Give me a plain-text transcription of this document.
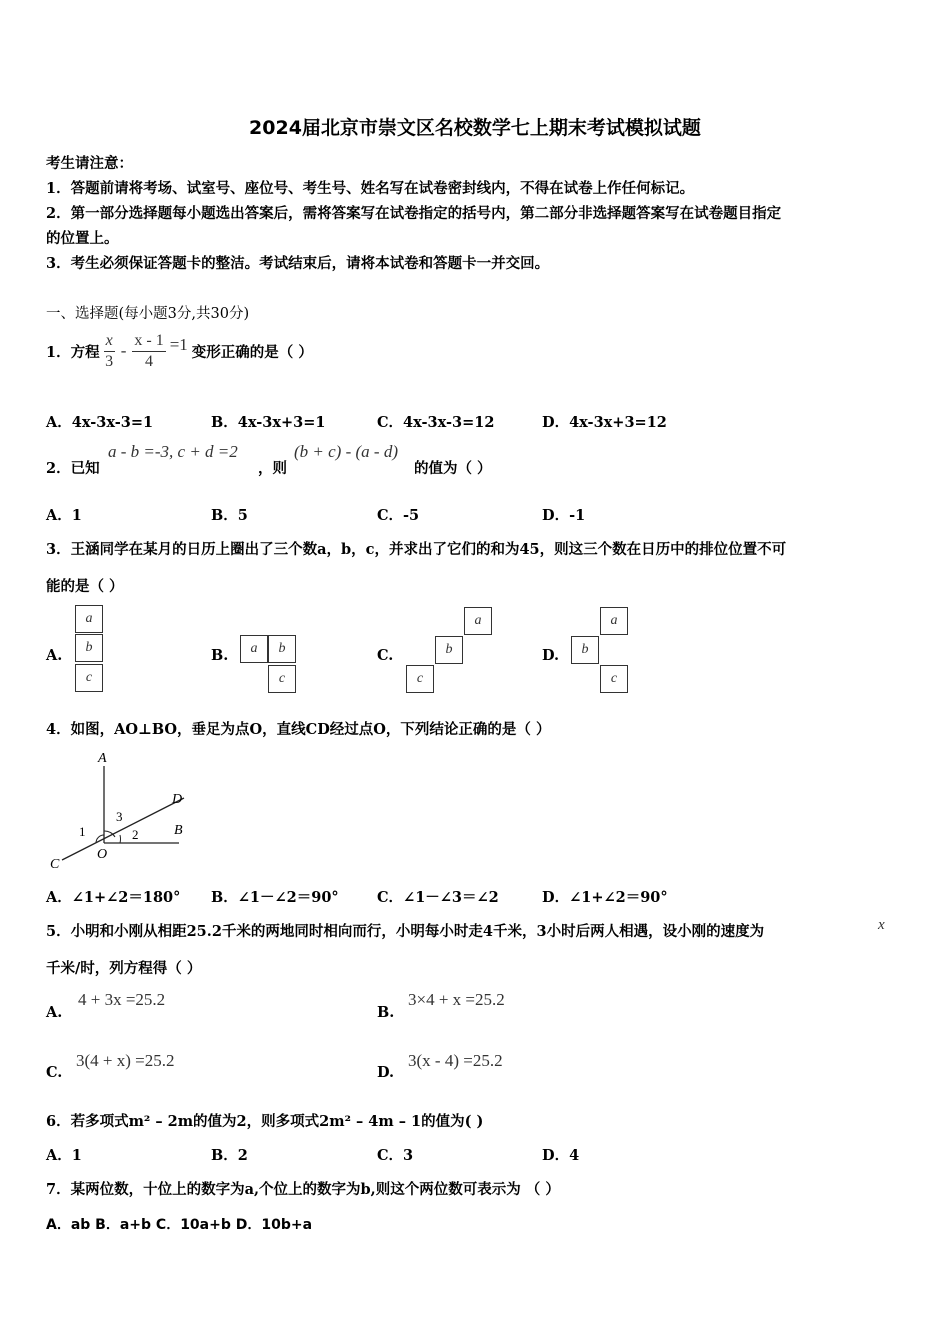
2024届北京市崇文区名校数学七上期末考试模拟试题
考生请注意：
1．答题前请将考场、试室号、座位号、考生号、姓名写在试卷密封线内，不得在试卷上作任何标记。
2．第一部分选择题每小题选出答案后，需将答案写在试卷指定的括号内，第二部分非选择题答案写在试卷题目指定
的位置上。
3．考生必须保证答题卡的整洁。考试结束后，请将本试卷和答题卡一并交回。
一、选择题(每小题3分,共30分)
1．方程 $\frac{x}{3} - \frac{x - 1}{4} =1$ 变形正确的是（ ）
A．4x-3x-3=1	B．4x-3x+3=1	C．4x-3x-3=12	D．4x-3x+3=12
2．已知
a - b =-3, c + d =2
，则
(b + c) - (a - d)
的值为（ ）
A．1	B．5	C．-5	D．-1
3．王涵同学在某月的日历上圈出了三个数a，b，c，并求出了它们的和为45，则这三个数在日历中的排位位置不可
能的是（ ）
A.
a
b
c
B.	a	b
c
C.
a
b
c
D.
a
b
c
4．如图，AO⊥BO，垂足为点O，直线CD经过点O，下列结论正确的是（ ）
A
B
C
D
O
1	2
3
A．∠1+∠2＝180° B．∠1－∠2＝90°	C．∠1－∠3＝∠2	D．∠1+∠2＝90°
5．小明和小刚从相距25.2千米的两地同时相向而行，小明每小时走4千米，3小时后两人相遇，设小刚的速度为	x
千米/时，列方程得（ ）
A.
4 + 3x =25.2
B.
3×4 + x =25.2
C.
3(4 + x) =25.2
D.
3(x - 4) =25.2
6．若多项式m² – 2m的值为2，则多项式2m² – 4m – 1的值为( )
A．1	B．2	C．3	D．4
7．某两位数，十位上的数字为a,个位上的数字为b,则这个两位数可表示为 （ ）
A．ab B．a+b C．10a+b D．10b+a
